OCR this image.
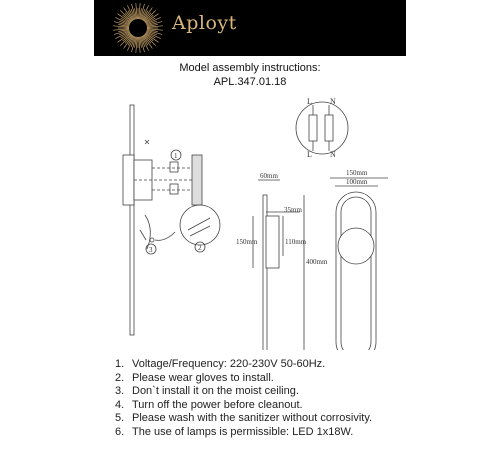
Aployt
Model assembly instructions:
APL.347.01.18
60mm
35mm
150mm	110mm
400mm
150mm
100mm
L N
L N
1
3	2
1. Voltage/Frequency: 220-230V 50-60Hz.
2. Please wear gloves to install.
3. Don`t install it on the moist ceiling.
4. Turn off the power before cleanout.
5. Please wash with the sanitizer without corrosivity.
6. The use of lamps is permissible: LED 1x18W.
